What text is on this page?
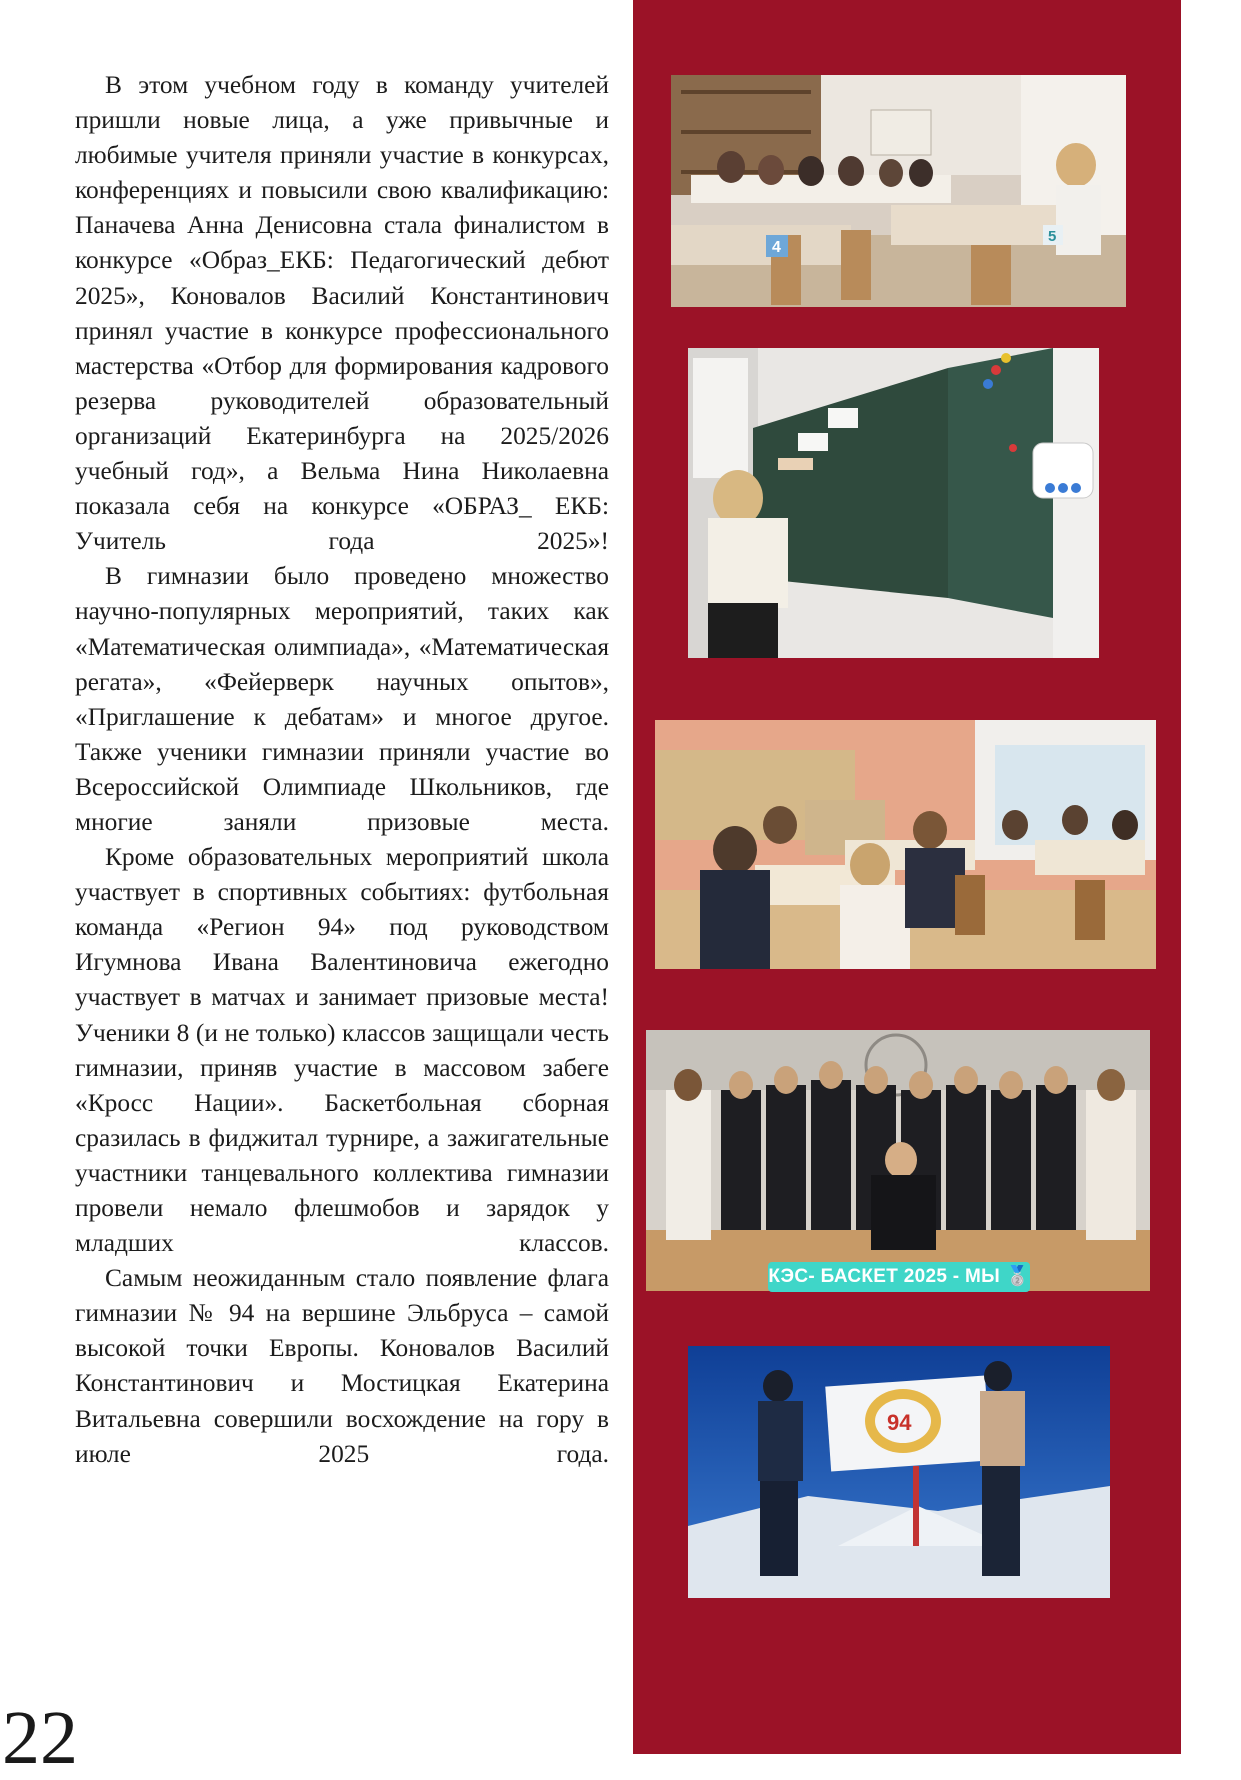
В этом учебном году в команду учителей пришли новые лица, а уже привычные и любимые учителя приняли участие в конкурсах, конференциях и повысили свою квалификацию: Паначева Анна Денисовна стала финалистом в конкурсе «Образ_ЕКБ: Педагогический дебют 2025», Коновалов Василий Константинович принял участие в конкурсе профессионального мастерства «Отбор для формирования кадрового резерва руководителей образовательный организаций Екатеринбурга на 2025/2026 учебный год», а Вельма Нина Николаевна показала себя на конкурсе «ОБРАЗ_ ЕКБ: Учитель года 2025»!

В гимназии было проведено множество научно-популярных мероприятий, таких как «Математическая олимпиада», «Математическая регата», «Фейерверк научных опытов», «Приглашение к дебатам» и многое другое. Также ученики гимназии приняли участие во Всероссийской Олимпиаде Школьников, где многие заняли призовые места.

Кроме образовательных мероприятий школа участвует в спортивных событиях: футбольная команда «Регион 94» под руководством Игумнова Ивана Валентиновича ежегодно участвует в матчах и занимает призовые места! Ученики 8 (и не только) классов защищали честь гимназии, приняв участие в массовом забеге «Кросс Нации». Баскетбольная сборная сразилась в фиджитал турнире, а зажигательные участники танцевального коллектива гимназии провели немало флешмобов и зарядок у младших классов.

Самым неожиданным стало появление флага гимназии № 94 на вершине Эльбруса – самой высокой точки Европы. Коновалов Василий Константинович и Мостицкая Екатерина Витальевна совершили восхождение на гору в июле 2025 года.

22
4
5
КЭС- БАСКЕТ 2025 - МЫ 🥈
94
